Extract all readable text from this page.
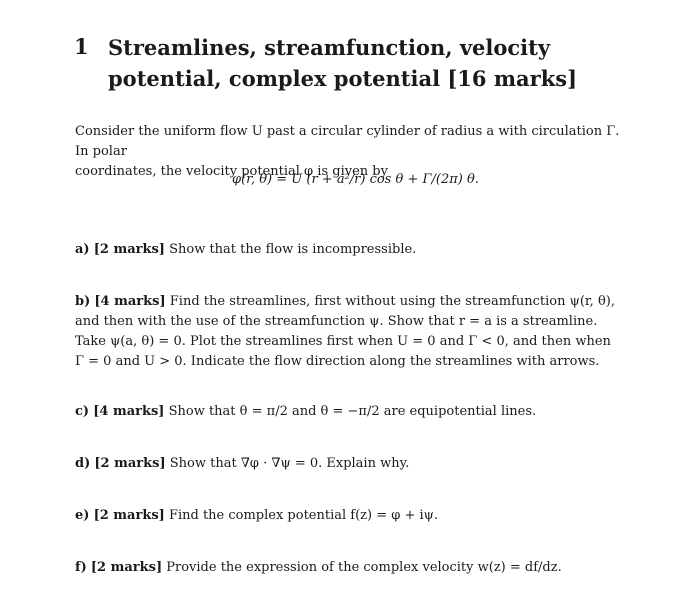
1 Streamlines, streamfunction, velocity potential, complex potential [16 marks]
Consider the uniform flow U past a circular cylinder of radius a with circulation Γ. In polar
coordinates, the velocity potential φ is given by
φ(r, θ) = U (r + a²/r) cos θ + Γ/(2π) θ.
a) [2 marks] Show that the flow is incompressible.
b) [4 marks] Find the streamlines, first without using the streamfunction ψ(r, θ), and then with the use of the streamfunction ψ. Show that r = a is a streamline. Take ψ(a, θ) = 0. Plot the streamlines first when U = 0 and Γ < 0, and then when Γ = 0 and U > 0. Indicate the flow direction along the streamlines with arrows.
c) [4 marks] Show that θ = π/2 and θ = −π/2 are equipotential lines.
d) [2 marks] Show that ∇φ · ∇ψ = 0. Explain why.
e) [2 marks] Find the complex potential f(z) = φ + iψ.
f) [2 marks] Provide the expression of the complex velocity w(z) = df/dz.
